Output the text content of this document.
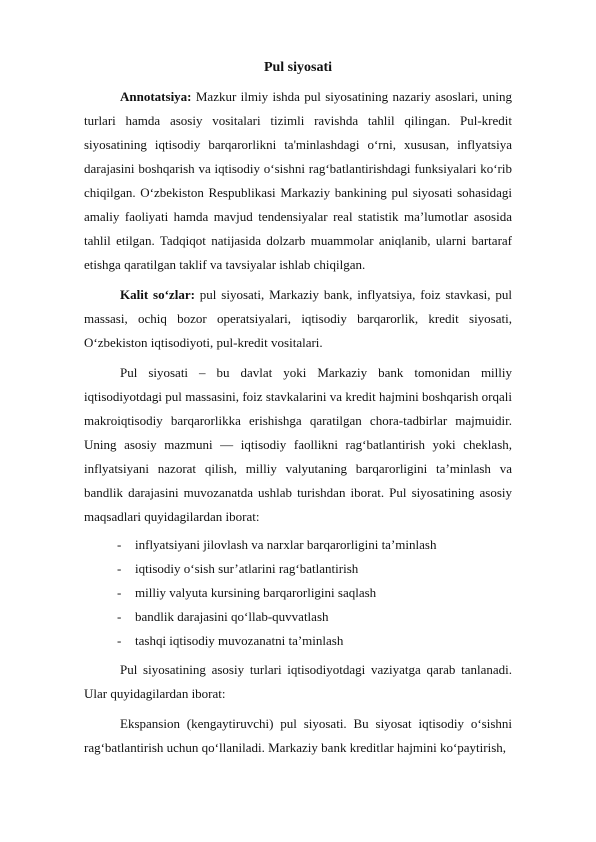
Pul siyosati

Annotatsiya: Mazkur ilmiy ishda pul siyosatining nazariy asoslari, uning turlari hamda asosiy vositalari tizimli ravishda tahlil qilingan. Pul-kredit siyosatining iqtisodiy barqarorlikni ta'minlashdagi o‘rni, xususan, inflyatsiya darajasini boshqarish va iqtisodiy o‘sishni rag‘batlantirishdagi funksiyalari ko‘rib chiqilgan. O‘zbekiston Respublikasi Markaziy bankining pul siyosati sohasidagi amaliy faoliyati hamda mavjud tendensiyalar real statistik ma’lumotlar asosida tahlil etilgan. Tadqiqot natijasida dolzarb muammolar aniqlanib, ularni bartaraf etishga qaratilgan taklif va tavsiyalar ishlab chiqilgan.

Kalit so‘zlar: pul siyosati, Markaziy bank, inflyatsiya, foiz stavkasi, pul massasi, ochiq bozor operatsiyalari, iqtisodiy barqarorlik, kredit siyosati, O‘zbekiston iqtisodiyoti, pul-kredit vositalari.

Pul siyosati – bu davlat yoki Markaziy bank tomonidan milliy iqtisodiyotdagi pul massasini, foiz stavkalarini va kredit hajmini boshqarish orqali makroiqtisodiy barqarorlikka erishishga qaratilgan chora-tadbirlar majmuidir. Uning asosiy mazmuni — iqtisodiy faollikni rag‘batlantirish yoki cheklash, inflyatsiyani nazorat qilish, milliy valyutaning barqarorligini ta’minlash va bandlik darajasini muvozanatda ushlab turishdan iborat. Pul siyosatining asosiy maqsadlari quyidagilardan iborat:

- inflyatsiyani jilovlash va narxlar barqarorligini ta’minlash
- iqtisodiy o‘sish sur’atlarini rag‘batlantirish
- milliy valyuta kursining barqarorligini saqlash
- bandlik darajasini qo‘llab-quvvatlash
- tashqi iqtisodiy muvozanatni ta’minlash

Pul siyosatining asosiy turlari iqtisodiyotdagi vaziyatga qarab tanlanadi. Ular quyidagilardan iborat:

Ekspansion (kengaytiruvchi) pul siyosati. Bu siyosat iqtisodiy o‘sishni rag‘batlantirish uchun qo‘llaniladi. Markaziy bank kreditlar hajmini ko‘paytirish,
